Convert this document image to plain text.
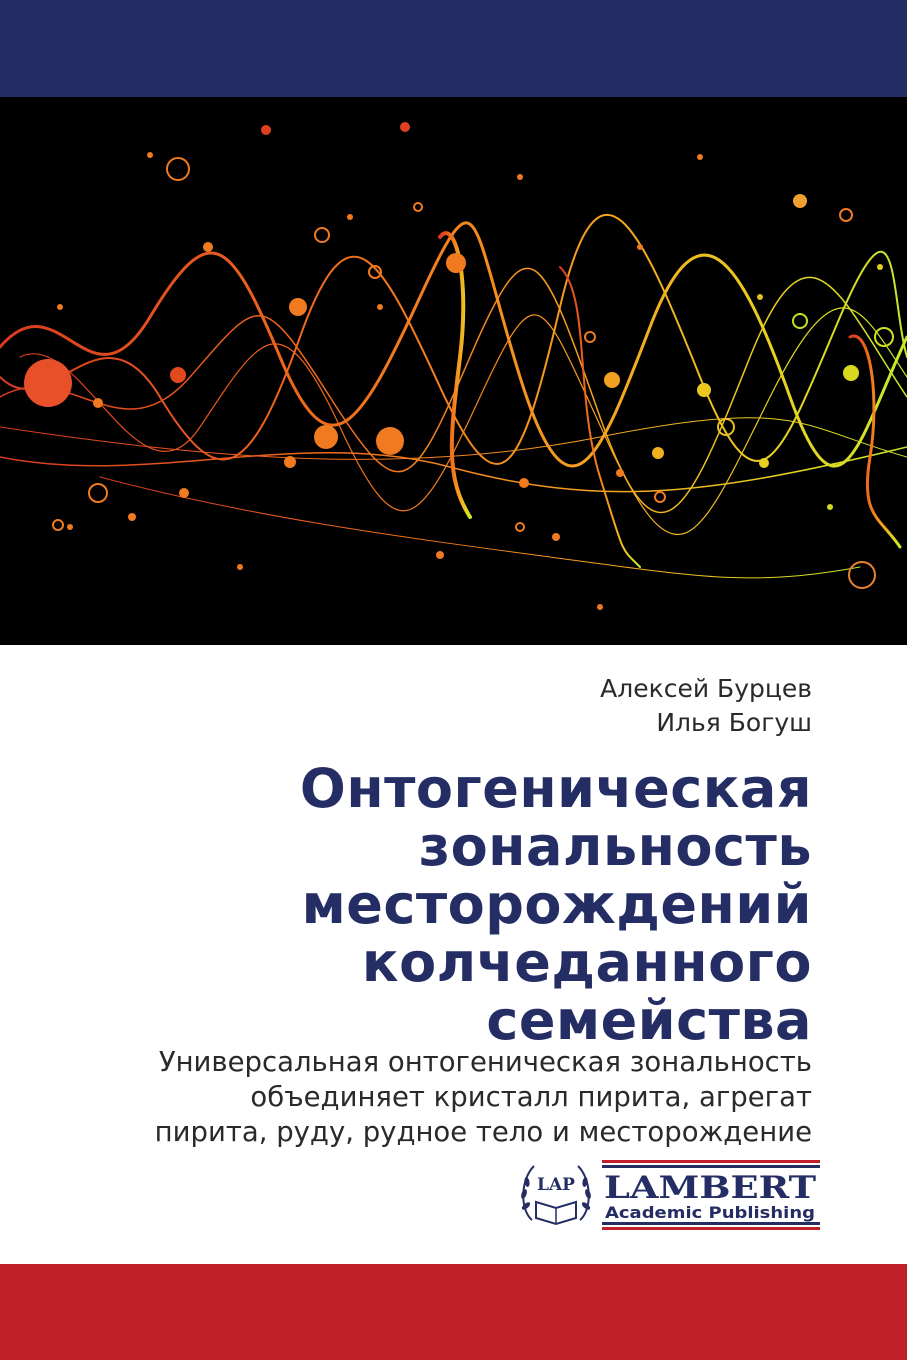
Алексей Бурцев
Илья Богуш
Онтогеническая
зональность
месторождений
колчеданного
семейства
Универсальная онтогеническая зональность
объединяет кристалл пирита, агрегат
пирита, руду, рудное тело и месторождение
LAP LAMBERT
Academic Publishing
